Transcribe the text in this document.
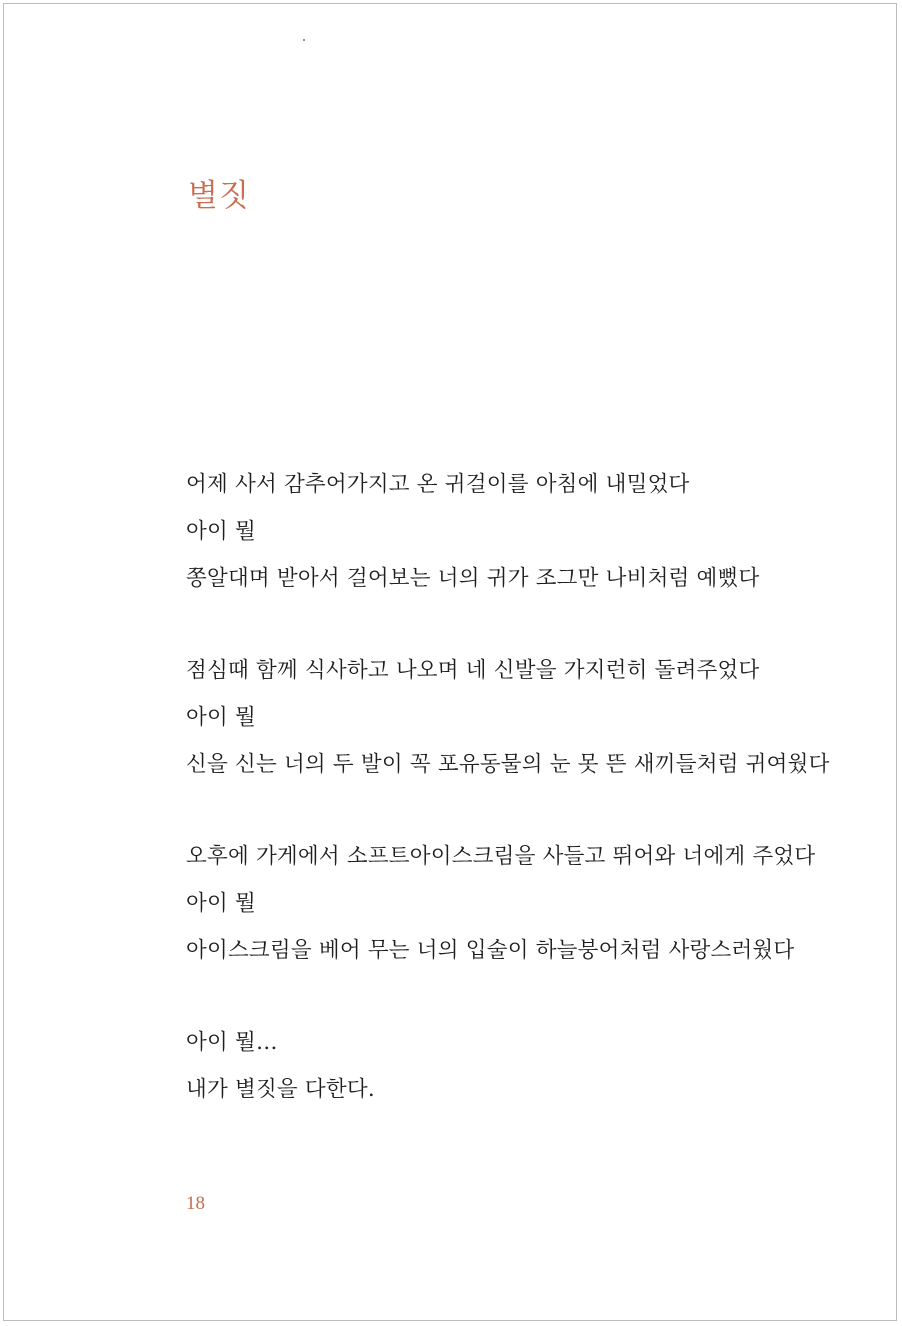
별짓
어제 사서 감추어가지고 온 귀걸이를 아침에 내밀었다
아이 뭘
쫑알대며 받아서 걸어보는 너의 귀가 조그만 나비처럼 예뻤다
점심때 함께 식사하고 나오며 네 신발을 가지런히 돌려주었다
아이 뭘
신을 신는 너의 두 발이 꼭 포유동물의 눈 못 뜬 새끼들처럼 귀여웠다
오후에 가게에서 소프트아이스크림을 사들고 뛰어와 너에게 주었다
아이 뭘
아이스크림을 베어 무는 너의 입술이 하늘붕어처럼 사랑스러웠다
아이 뭘…
내가 별짓을 다한다.
18
